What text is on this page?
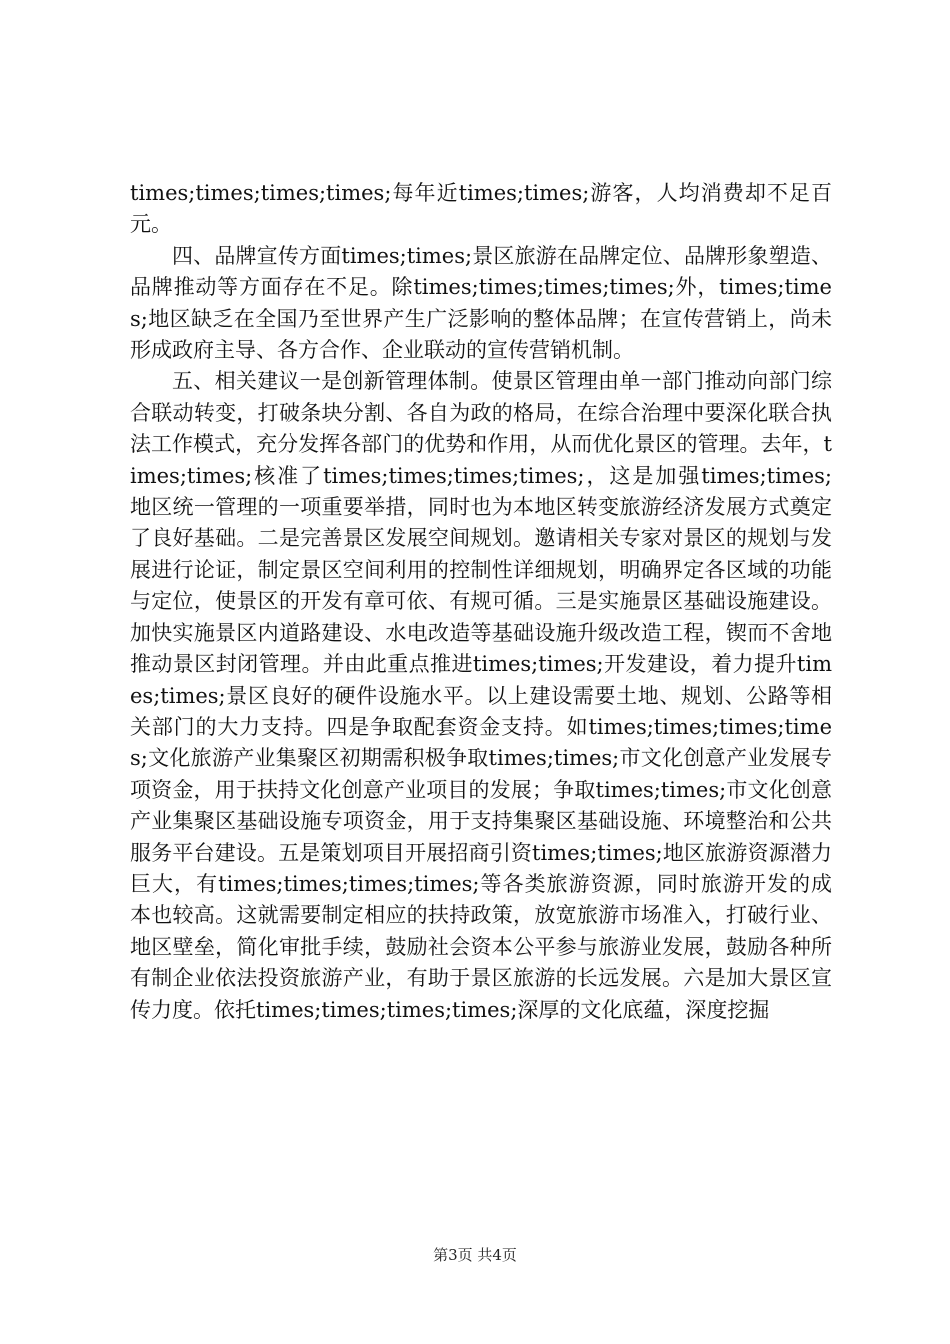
times;times;times;times;每年近times;times;游客，人均消费却不足百元。

四、品牌宣传方面times;times;景区旅游在品牌定位、品牌形象塑造、品牌推动等方面存在不足。除times;times;times;times;外，times;times;地区缺乏在全国乃至世界产生广泛影响的整体品牌；在宣传营销上，尚未形成政府主导、各方合作、企业联动的宣传营销机制。

五、相关建议一是创新管理体制。使景区管理由单一部门推动向部门综合联动转变，打破条块分割、各自为政的格局，在综合治理中要深化联合执法工作模式，充分发挥各部门的优势和作用，从而优化景区的管理。去年，times;times;核准了times;times;times;times;，这是加强times;times;地区统一管理的一项重要举措，同时也为本地区转变旅游经济发展方式奠定了良好基础。二是完善景区发展空间规划。邀请相关专家对景区的规划与发展进行论证，制定景区空间利用的控制性详细规划，明确界定各区域的功能与定位，使景区的开发有章可依、有规可循。三是实施景区基础设施建设。加快实施景区内道路建设、水电改造等基础设施升级改造工程，锲而不舍地推动景区封闭管理。并由此重点推进times;times;开发建设，着力提升times;times;景区良好的硬件设施水平。以上建设需要土地、规划、公路等相关部门的大力支持。四是争取配套资金支持。如times;times;times;times;文化旅游产业集聚区初期需积极争取times;times;市文化创意产业发展专项资金，用于扶持文化创意产业项目的发展；争取times;times;市文化创意产业集聚区基础设施专项资金，用于支持集聚区基础设施、环境整治和公共服务平台建设。五是策划项目开展招商引资times;times;地区旅游资源潜力巨大，有times;times;times;times;等各类旅游资源，同时旅游开发的成本也较高。这就需要制定相应的扶持政策，放宽旅游市场准入，打破行业、地区壁垒，简化审批手续，鼓励社会资本公平参与旅游业发展，鼓励各种所有制企业依法投资旅游产业，有助于景区旅游的长远发展。六是加大景区宣传力度。依托times;times;times;times;深厚的文化底蕴，深度挖掘

第3页 共4页
